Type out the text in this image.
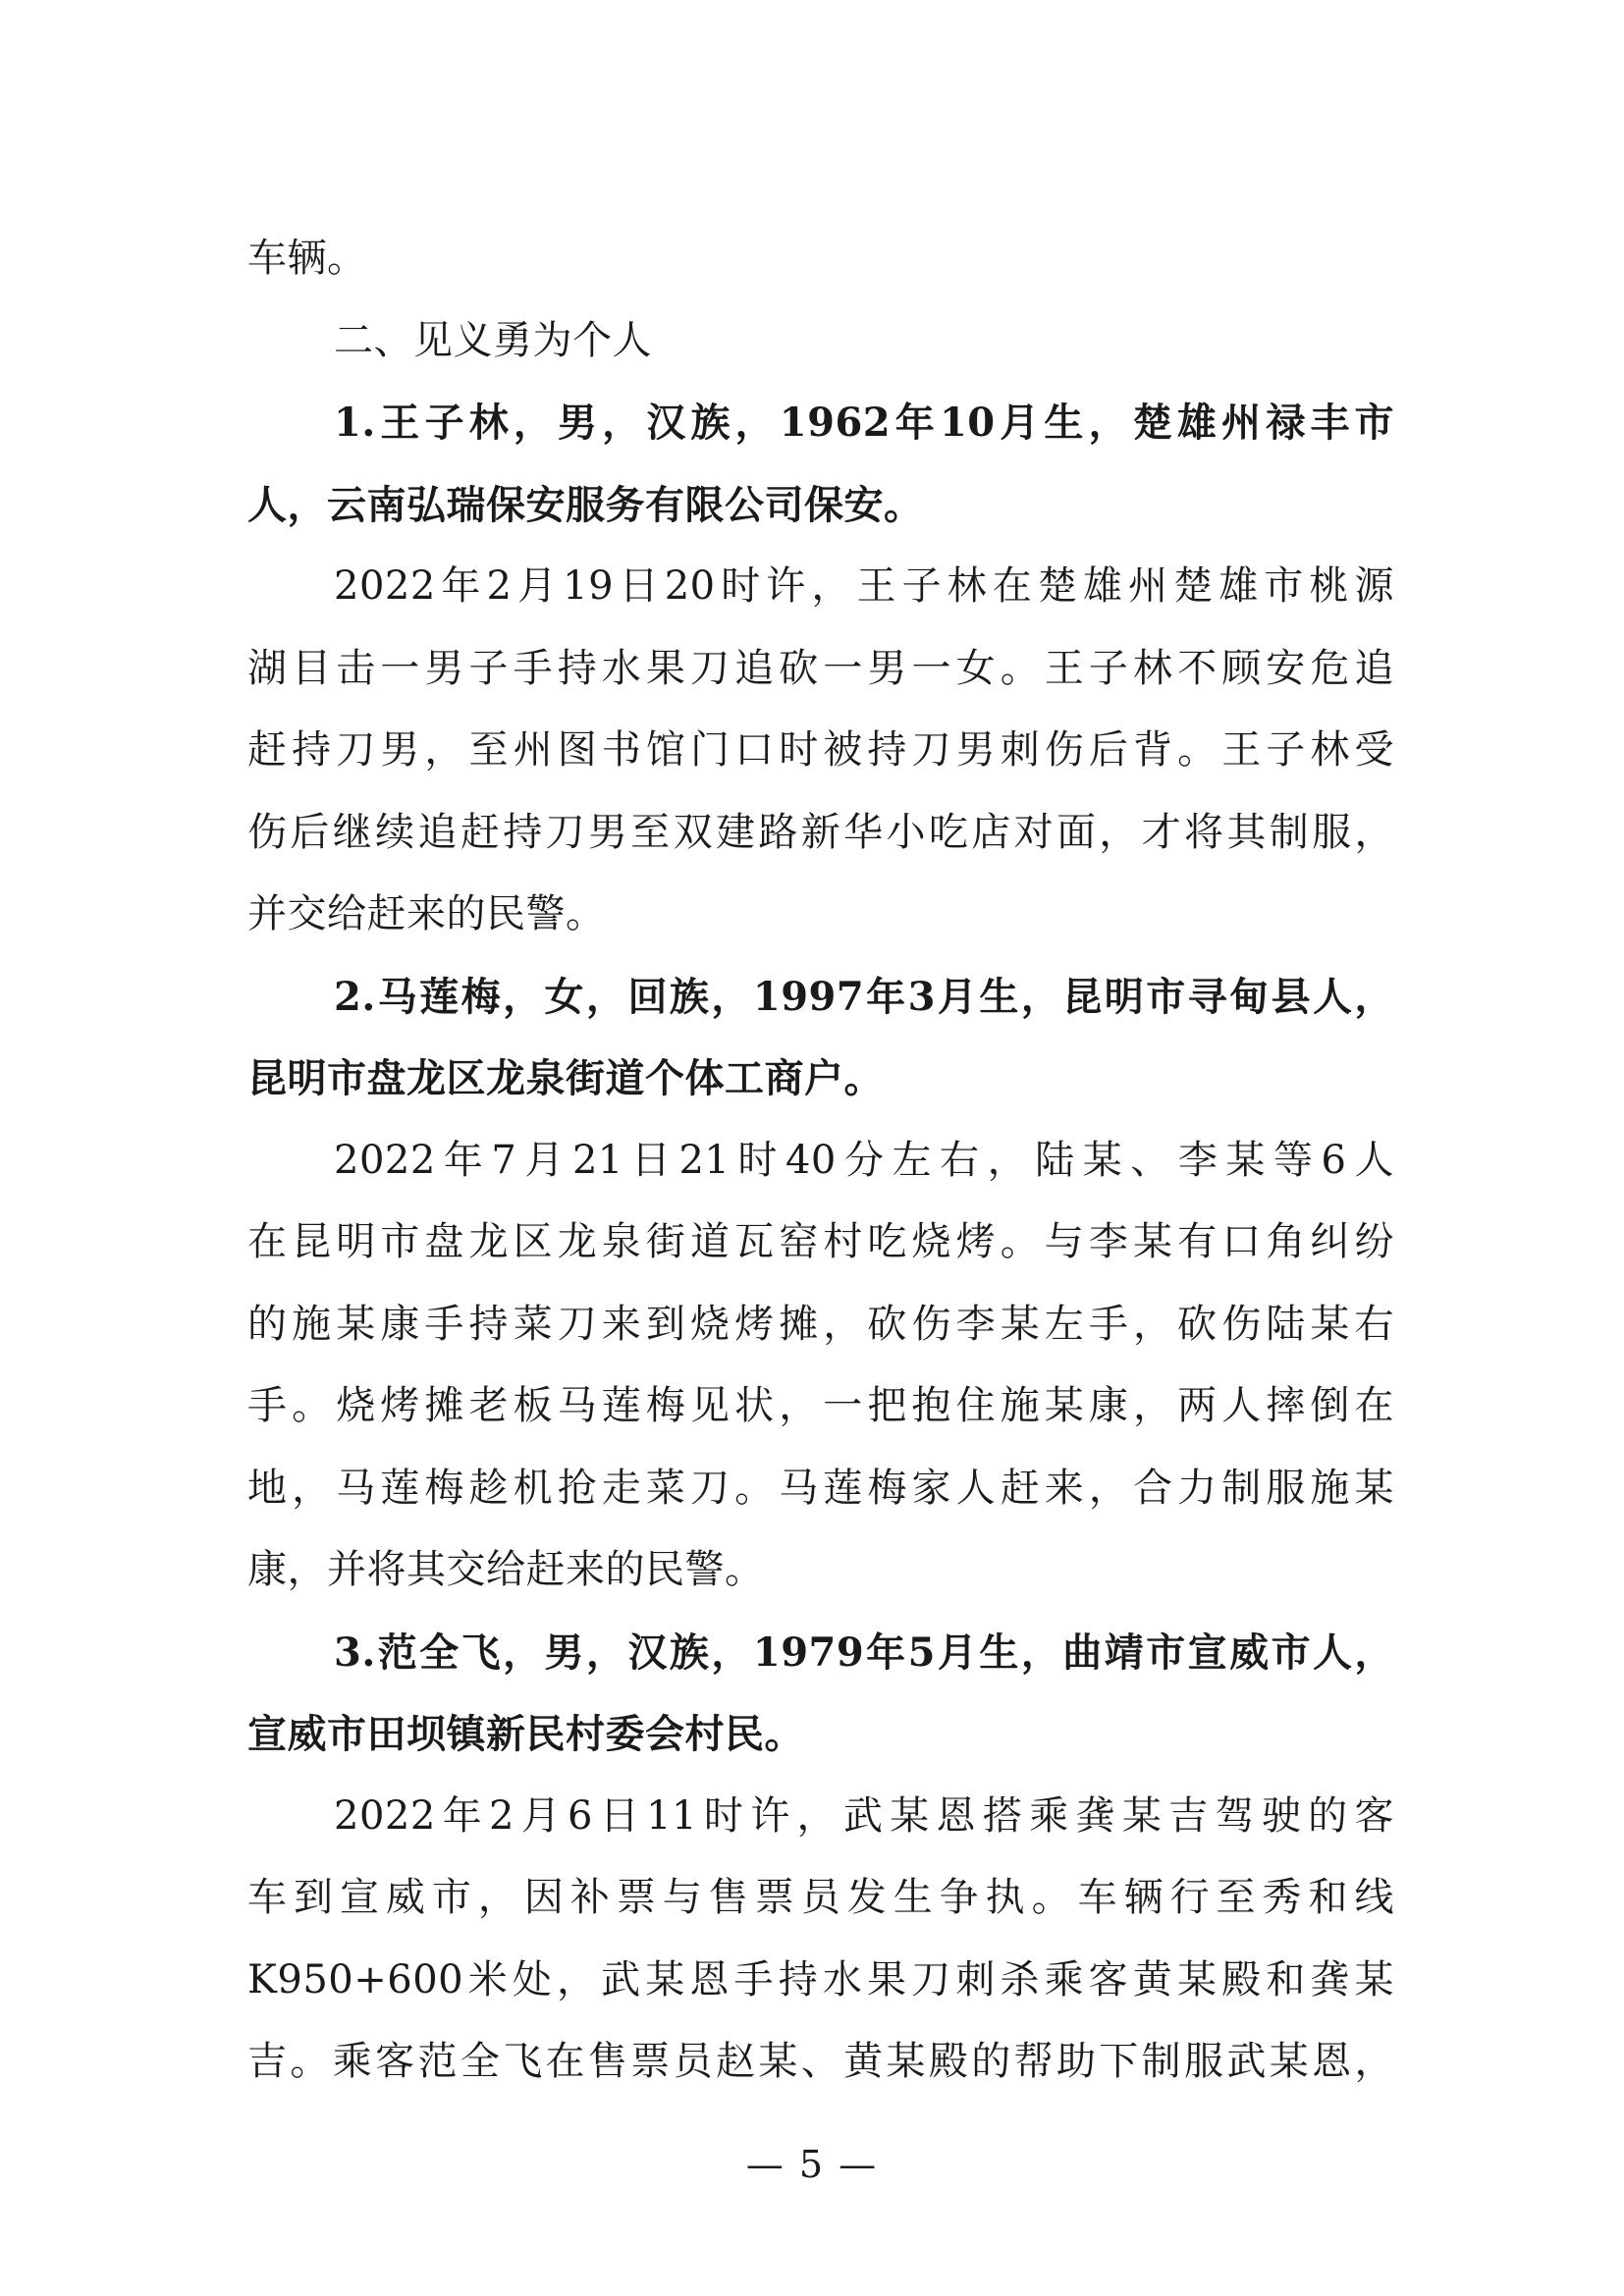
车辆。

二、见义勇为个人

1.王子林，男，汉族，1962年10月生，楚雄州禄丰市

人，云南弘瑞保安服务有限公司保安。

2022年2月19日20时许，王子林在楚雄州楚雄市桃源

湖目击一男子手持水果刀追砍一男一女。王子林不顾安危追

赶持刀男，至州图书馆门口时被持刀男刺伤后背。王子林受

伤后继续追赶持刀男至双建路新华小吃店对面，才将其制服，

并交给赶来的民警。

2.马莲梅，女，回族，1997年3月生，昆明市寻甸县人，

昆明市盘龙区龙泉街道个体工商户。

2022年7月21日21时40分左右，陆某、李某等6人

在昆明市盘龙区龙泉街道瓦窑村吃烧烤。与李某有口角纠纷

的施某康手持菜刀来到烧烤摊，砍伤李某左手，砍伤陆某右

手。烧烤摊老板马莲梅见状，一把抱住施某康，两人摔倒在

地，马莲梅趁机抢走菜刀。马莲梅家人赶来，合力制服施某

康，并将其交给赶来的民警。

3.范全飞，男，汉族，1979年5月生，曲靖市宣威市人，

宣威市田坝镇新民村委会村民。

2022年2月6日11时许，武某恩搭乘龚某吉驾驶的客

车到宣威市，因补票与售票员发生争执。车辆行至秀和线

K950+600米处，武某恩手持水果刀刺杀乘客黄某殿和龚某

吉。乘客范全飞在售票员赵某、黄某殿的帮助下制服武某恩，

— 5 —
